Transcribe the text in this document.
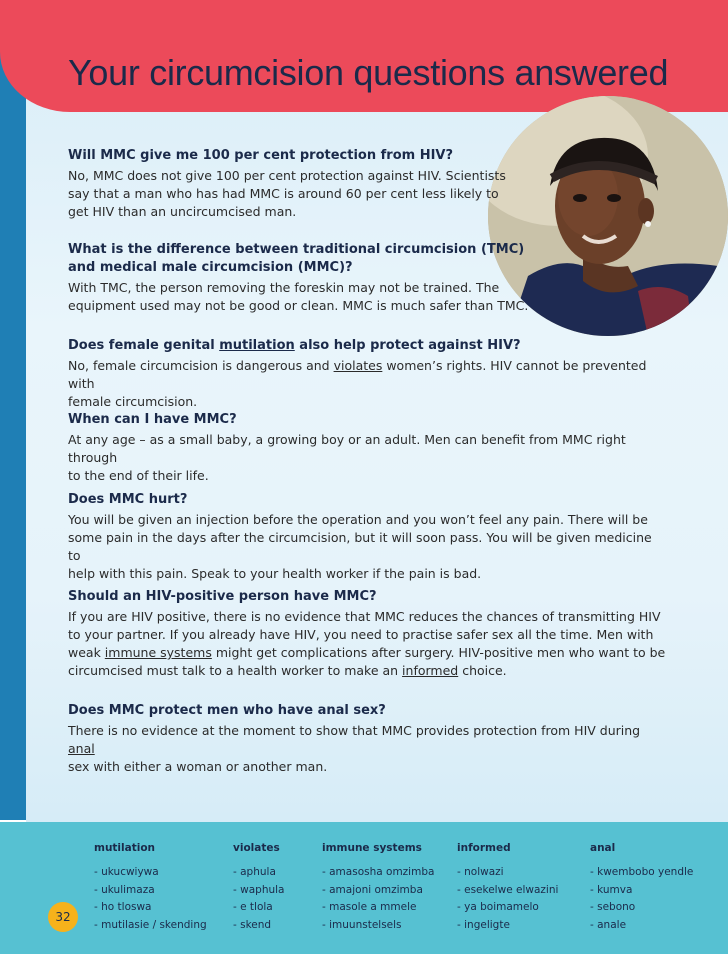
Your circumcision questions answered
Will MMC give me 100 per cent protection from HIV?
No, MMC does not give 100 per cent protection against HIV. Scientists
say that a man who has had MMC is around 60 per cent less likely to
get HIV than an uncircumcised man.
What is the difference between traditional circumcision (TMC)
and medical male circumcision (MMC)?
With TMC, the person removing the foreskin may not be trained. The
equipment used may not be good or clean. MMC is much safer than TMC.
Does female genital mutilation also help protect against HIV?
No, female circumcision is dangerous and violates women’s rights. HIV cannot be prevented with
female circumcision.
When can I have MMC?
At any age – as a small baby, a growing boy or an adult. Men can benefit from MMC right through
to the end of their life.
Does MMC hurt?
You will be given an injection before the operation and you won’t feel any pain. There will be
some pain in the days after the circumcision, but it will soon pass. You will be given medicine to
help with this pain. Speak to your health worker if the pain is bad.
Should an HIV-positive person have MMC?
If you are HIV positive, there is no evidence that MMC reduces the chances of transmitting HIV
to your partner. If you already have HIV, you need to practise safer sex all the time. Men with
weak immune systems might get complications after surgery. HIV-positive men who want to be
circumcised must talk to a health worker to make an informed choice.
Does MMC protect men who have anal sex?
There is no evidence at the moment to show that MMC provides protection from HIV during anal
sex with either a woman or another man.
mutilation
- ukucwiywa
- ukulimaza
- ho tloswa
- mutilasie / skending
violates
- aphula
- waphula
- e tlola
- skend
immune systems
- amasosha omzimba
- amajoni omzimba
- masole a mmele
- imuunstelsels
informed
- nolwazi
- esekelwe elwazini
- ya boimamelo
- ingeligte
anal
- kwembobo yendle
- kumva
- sebono
- anale
32
